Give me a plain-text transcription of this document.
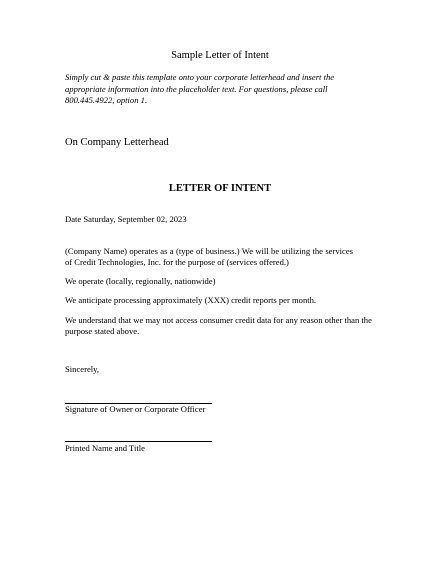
Sample Letter of Intent

Simply cut & paste this template onto your corporate letterhead and insert the appropriate information into the placeholder text. For questions, please call 800.445.4922, option 1.

On Company Letterhead

LETTER OF INTENT

Date Saturday, September 02, 2023

(Company Name) operates as a (type of business.) We will be utilizing the services of Credit Technologies, Inc. for the purpose of (services offered.)

We operate (locally, regionally, nationwide)

We anticipate processing approximately (XXX) credit reports per month.

We understand that we may not access consumer credit data for any reason other than the purpose stated above.

Sincerely,

Signature of Owner or Corporate Officer

Printed Name and Title
